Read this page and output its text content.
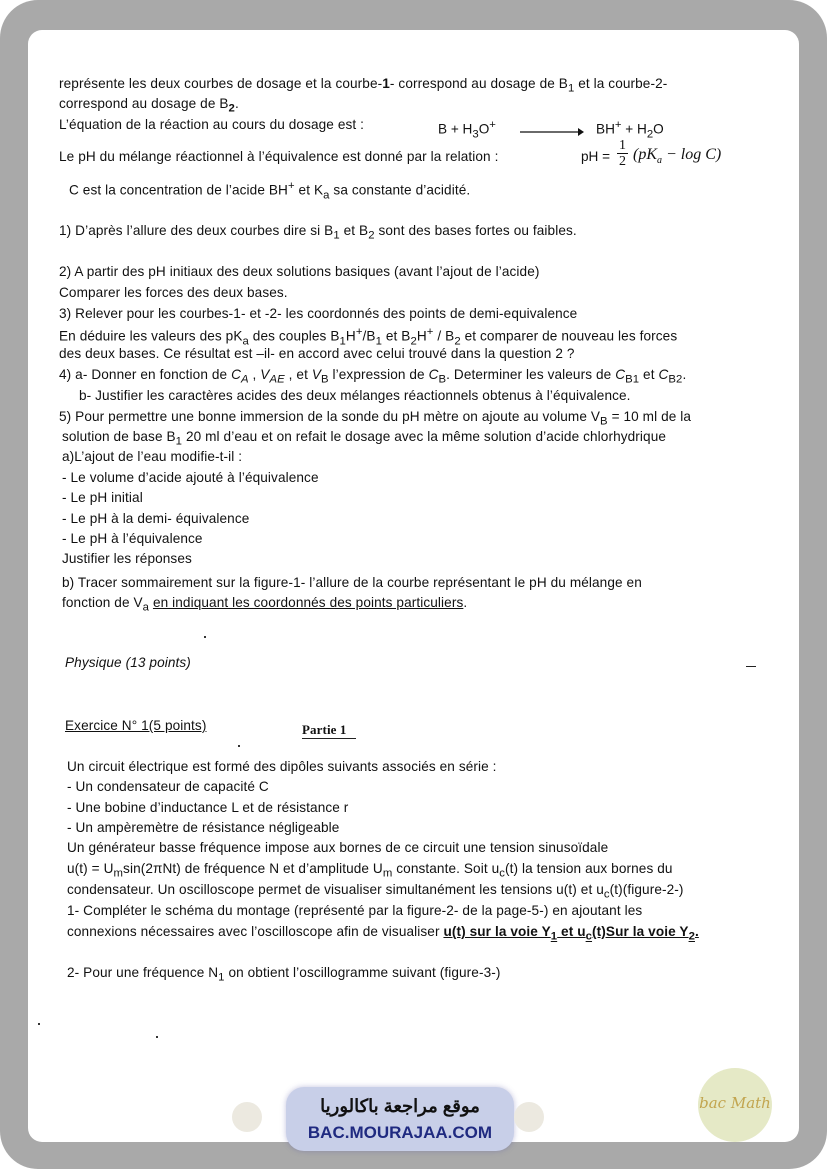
représente les deux courbes de dosage et la courbe-1- correspond au dosage de $B_1$ et la courbe-2-
correspond au dosage de $B_2$.
L’équation de la réaction au cours du dosage est :	$B + H_3O^+ \to BH^+ + H_2O$
Le pH du mélange réactionnel à l’équivalence est donné par la relation :	pH = $\frac{1}{2} (pK_a - \log C)$
C est la concentration de l’acide BH+ et $K_a$ sa constante d’acidité.
1) D’après l’allure des deux courbes dire si $B_1$ et $B_2$ sont des bases fortes ou faibles.
2) A partir des pH initiaux des deux solutions basiques (avant l’ajout de l’acide)
Comparer les forces des deux bases.
3) Relever pour les courbes-1- et -2- les coordonnés des points de demi-equivalence
En déduire les valeurs des $pK_a$ des couples $B_1H^+/B_1$ et $B_2H^+ / B_2$ et comparer de nouveau les forces
des deux bases. Ce résultat est –il- en accord avec celui trouvé dans la question 2 ?
4) a- Donner en fonction de $C_A$ , $V_{AE}$ , et $V_B$ l’expression de $C_B$. Determiner les valeurs de $C_{B1}$ et $C_{B2}$.
b- Justifier les caractères acides des deux mélanges réactionnels obtenus à l’équivalence.
5) Pour permettre une bonne immersion de la sonde du pH mètre on ajoute au volume $V_B = 10$ ml de la
solution de base $B_1$ 20 ml d’eau et on refait le dosage avec la même solution d’acide chlorhydrique
a)L’ajout de l’eau modifie-t-il :
- Le volume d’acide ajouté à l’équivalence
- Le pH initial
- Le pH à la demi- équivalence
- Le pH à l’équivalence
Justifier les réponses
b) Tracer sommairement sur la figure-1- l’allure de la courbe représentant le pH du mélange en
fonction de $V_a$ en indiquant les coordonnés des points particuliers.
Physique (13 points)
Exercice N° 1(5 points)	Partie 1
Un circuit électrique est formé des dipôles suivants associés en série :
- Un condensateur de capacité C
- Une bobine d’inductance L et de résistance r
- Un ampèremètre de résistance négligeable
Un générateur basse fréquence impose aux bornes de ce circuit une tension sinusoïdale
$u(t) = U_m\sin(2\pi Nt)$ de fréquence N et d’amplitude $U_m$ constante. Soit $u_c(t)$ la tension aux bornes du
condensateur. Un oscilloscope permet de visualiser simultanément les tensions u(t) et $u_c(t)(figure-2-)$
1- Compléter le schéma du montage (représenté par la figure-2- de la page-5-) en ajoutant les
connexions nécessaires avec l’oscilloscope afin de visualiser u(t) sur la voie $Y_1$ et $u_c(t)Sur$ la voie $Y_2$.
2- Pour une fréquence $N_1$ on obtient l’oscillogramme suivant (figure-3-)
موقع مراجعة باكالوريا
BAC.MOURAJAA.COM
bac Math
